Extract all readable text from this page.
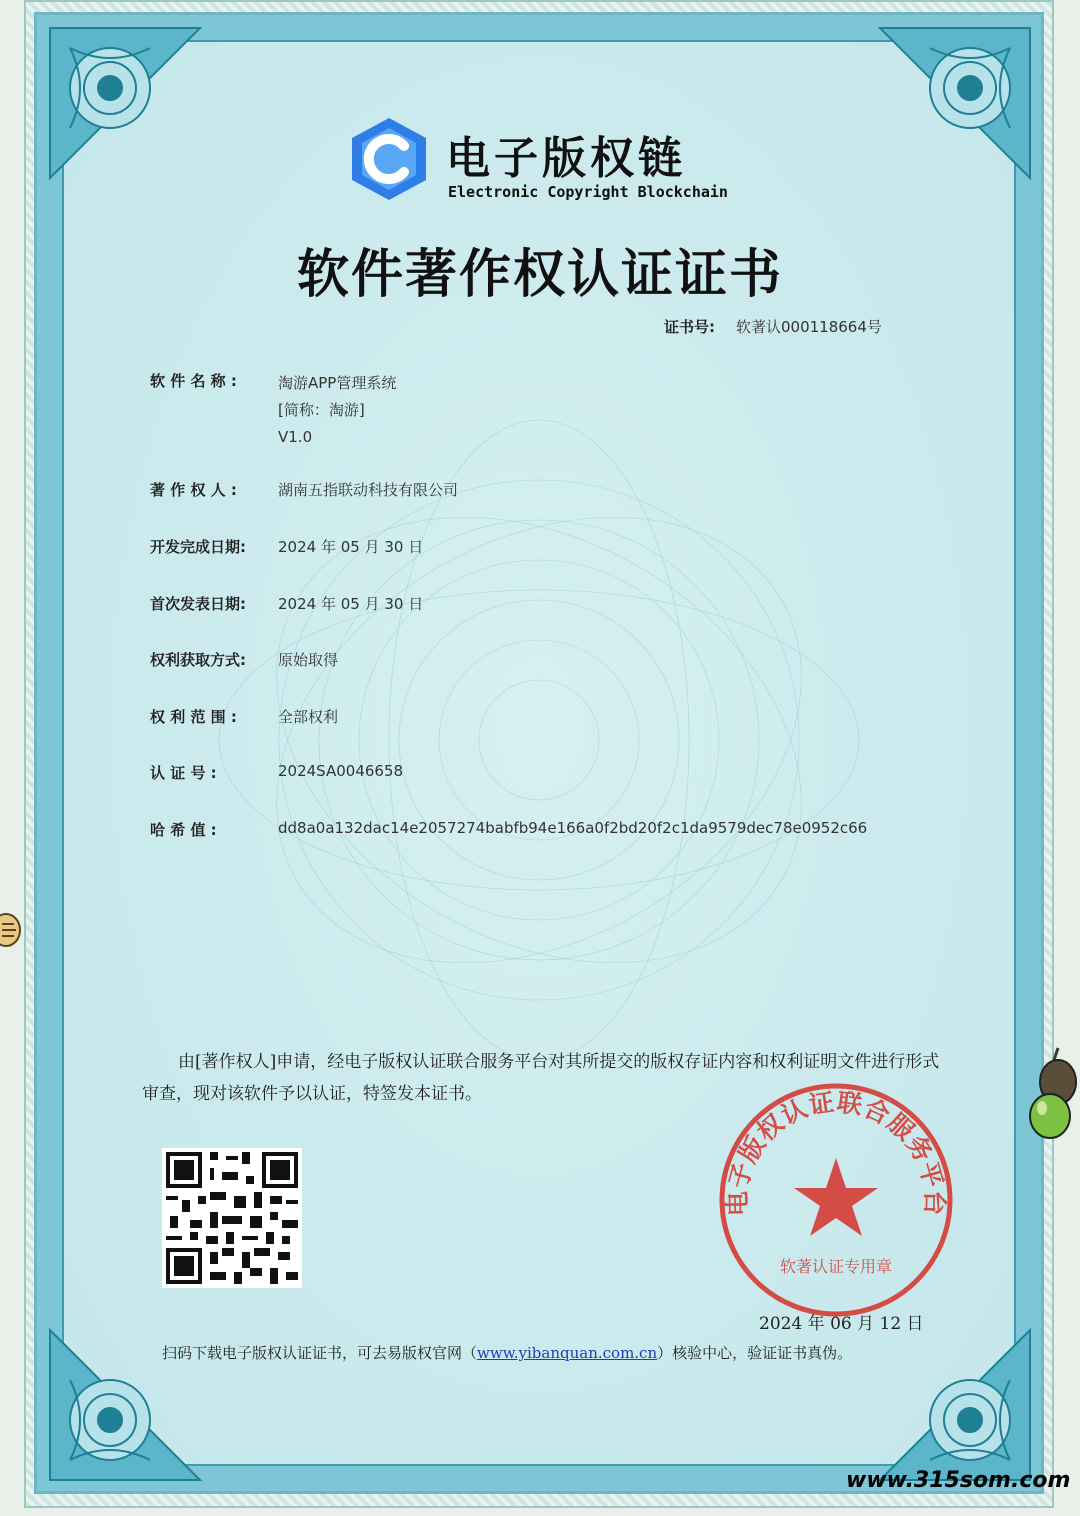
电子版权链
Electronic Copyright Blockchain
软件著作权认证证书
证书号: 软著认000118664号
软 件 名 称 :	淘游APP管理系统
[简称：淘游]
V1.0
著 作 权 人 :	湖南五指联动科技有限公司
开发完成日期:	2024 年 05 月 30 日
首次发表日期:	2024 年 05 月 30 日
权利获取方式:	原始取得
权 利 范 围 :	全部权利
认 证 号 :	2024SA0046658
哈 希 值 :	dd8a0a132dac14e2057274babfb94e166a0f2bd20f2c1da9579dec78e0952c66
由[著作权人]申请，经电子版权认证联合服务平台对其所提交的版权存证内容和权利证明文件进行形式审查，现对该软件予以认证，特签发本证书。
电子版权认证联合服务平台
软著认证专用章
2024 年 06 月 12 日
扫码下载电子版权认证证书，可去易版权官网（www.yibanquan.com.cn）核验中心，验证证书真伪。
www.315som.com
